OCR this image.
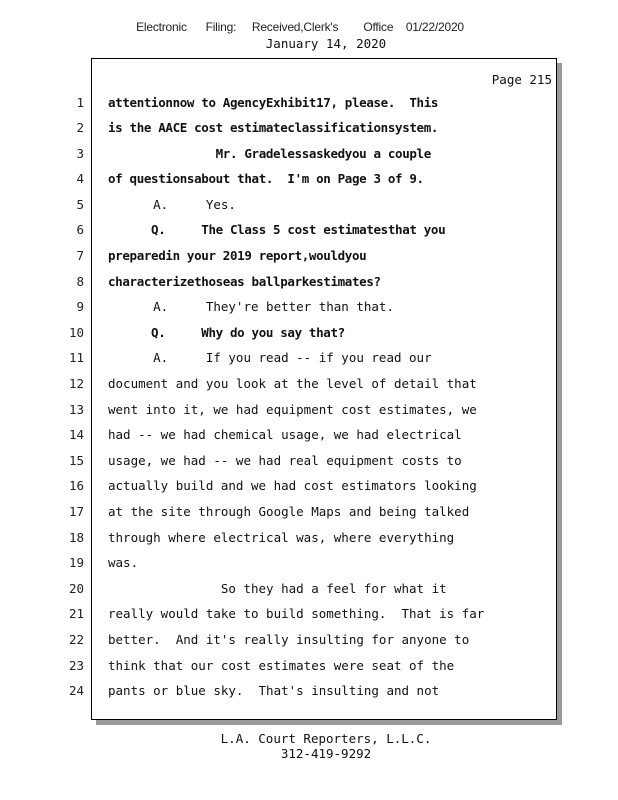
Electronic      Filing:     Received,Clerk's        Office    01/22/2020
January 14, 2020
Page 215
1 attentionnow to AgencyExhibit17, please.  This
2 is the AACE cost estimateclassificationsystem.
3 Mr. Gradelessaskedyou a couple
4 of questionsabout that.  I'm on Page 3 of 9.
5 A.     Yes.
6 Q.     The Class 5 cost estimatesthat you
7 preparedin your 2019 report,wouldyou
8 characterizethoseas ballparkestimates?
9 A.     They're better than that.
10 Q.     Why do you say that?
11 A.     If you read -- if you read our
12 document and you look at the level of detail that
13 went into it, we had equipment cost estimates, we
14 had -- we had chemical usage, we had electrical
15 usage, we had -- we had real equipment costs to
16 actually build and we had cost estimators looking
17 at the site through Google Maps and being talked
18 through where electrical was, where everything
19 was.
20 So they had a feel for what it
21 really would take to build something.  That is far
22 better.  And it's really insulting for anyone to
23 think that our cost estimates were seat of the
24 pants or blue sky.  That's insulting and not
L.A. Court Reporters, L.L.C.
312-419-9292
